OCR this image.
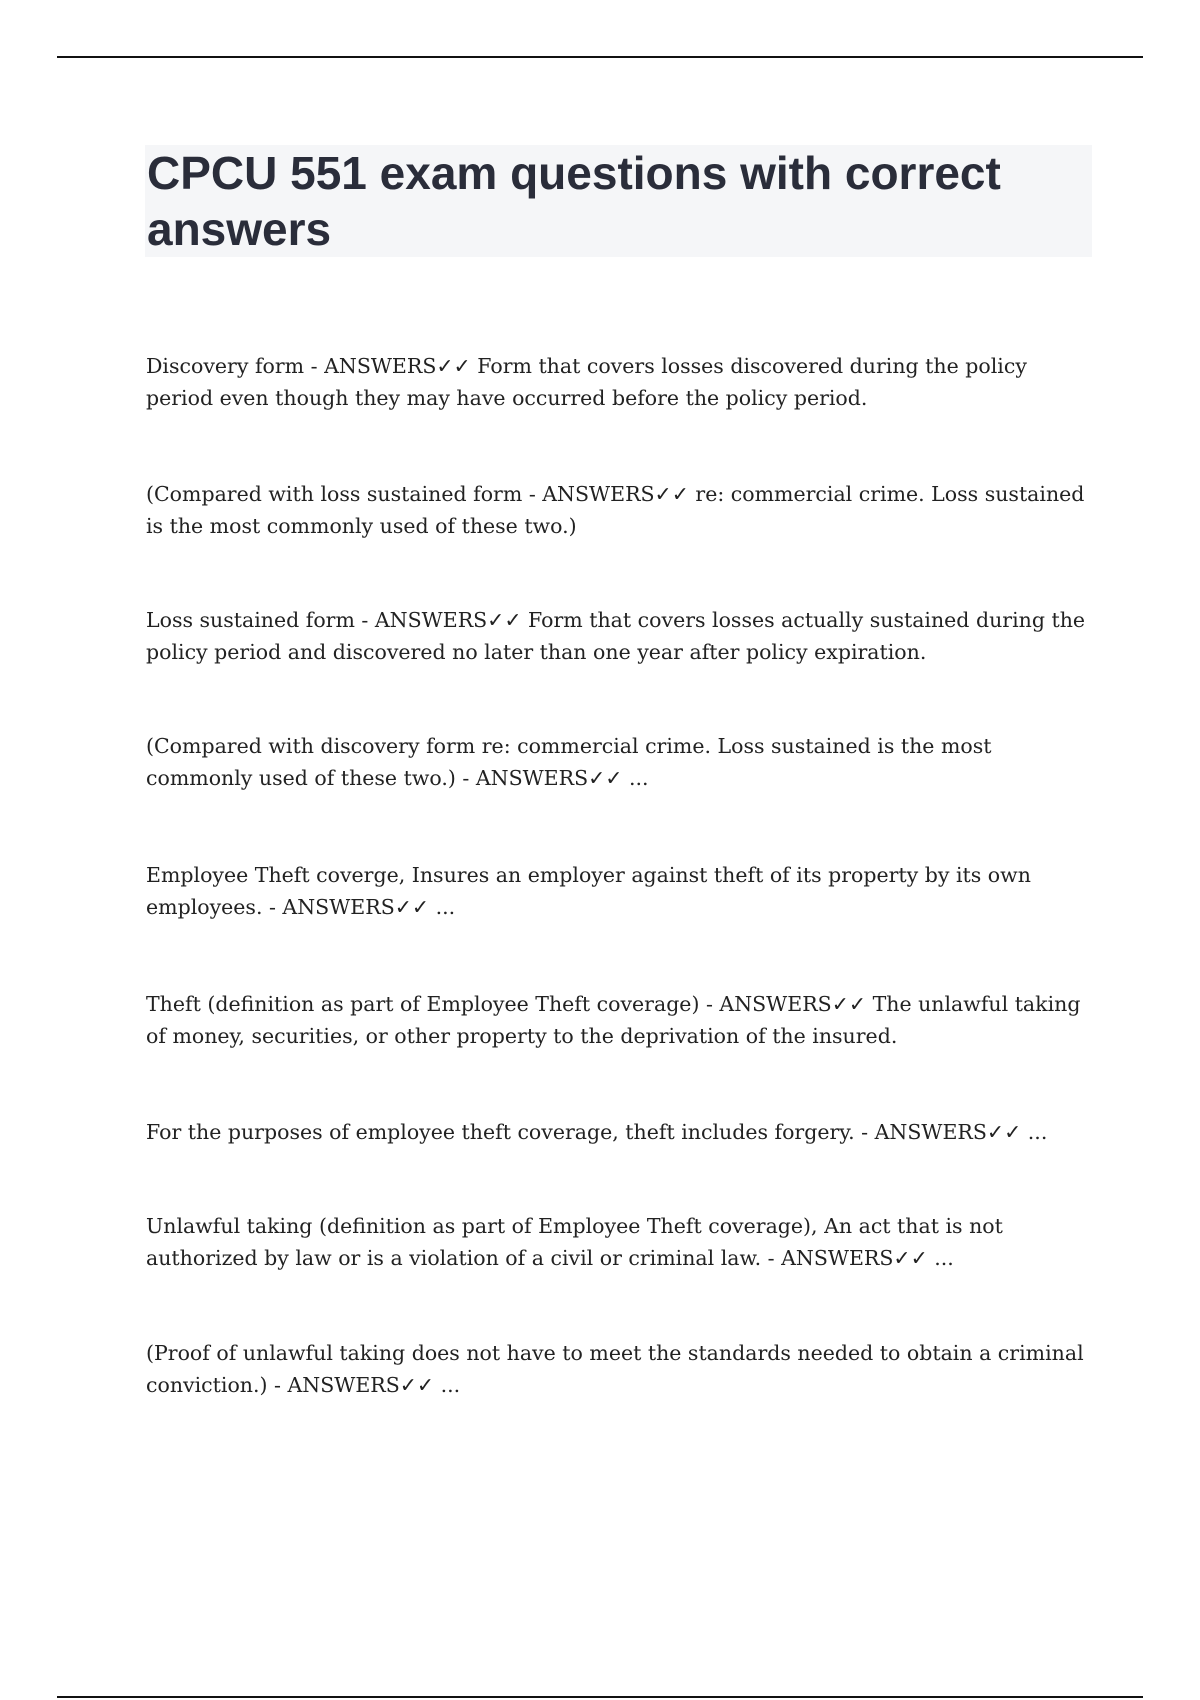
CPCU 551 exam questions with correct answers

Discovery form - ANSWERS✓✓ Form that covers losses discovered during the policy period even though they may have occurred before the policy period.

(Compared with loss sustained form - ANSWERS✓✓ re: commercial crime. Loss sustained is the most commonly used of these two.)

Loss sustained form - ANSWERS✓✓ Form that covers losses actually sustained during the policy period and discovered no later than one year after policy expiration.

(Compared with discovery form re: commercial crime. Loss sustained is the most commonly used of these two.) - ANSWERS✓✓ ...

Employee Theft coverge, Insures an employer against theft of its property by its own employees. - ANSWERS✓✓ ...

Theft (definition as part of Employee Theft coverage) - ANSWERS✓✓ The unlawful taking of money, securities, or other property to the deprivation of the insured.

For the purposes of employee theft coverage, theft includes forgery. - ANSWERS✓✓ ...

Unlawful taking (definition as part of Employee Theft coverage), An act that is not authorized by law or is a violation of a civil or criminal law. - ANSWERS✓✓ ...

(Proof of unlawful taking does not have to meet the standards needed to obtain a criminal conviction.) - ANSWERS✓✓ ...
